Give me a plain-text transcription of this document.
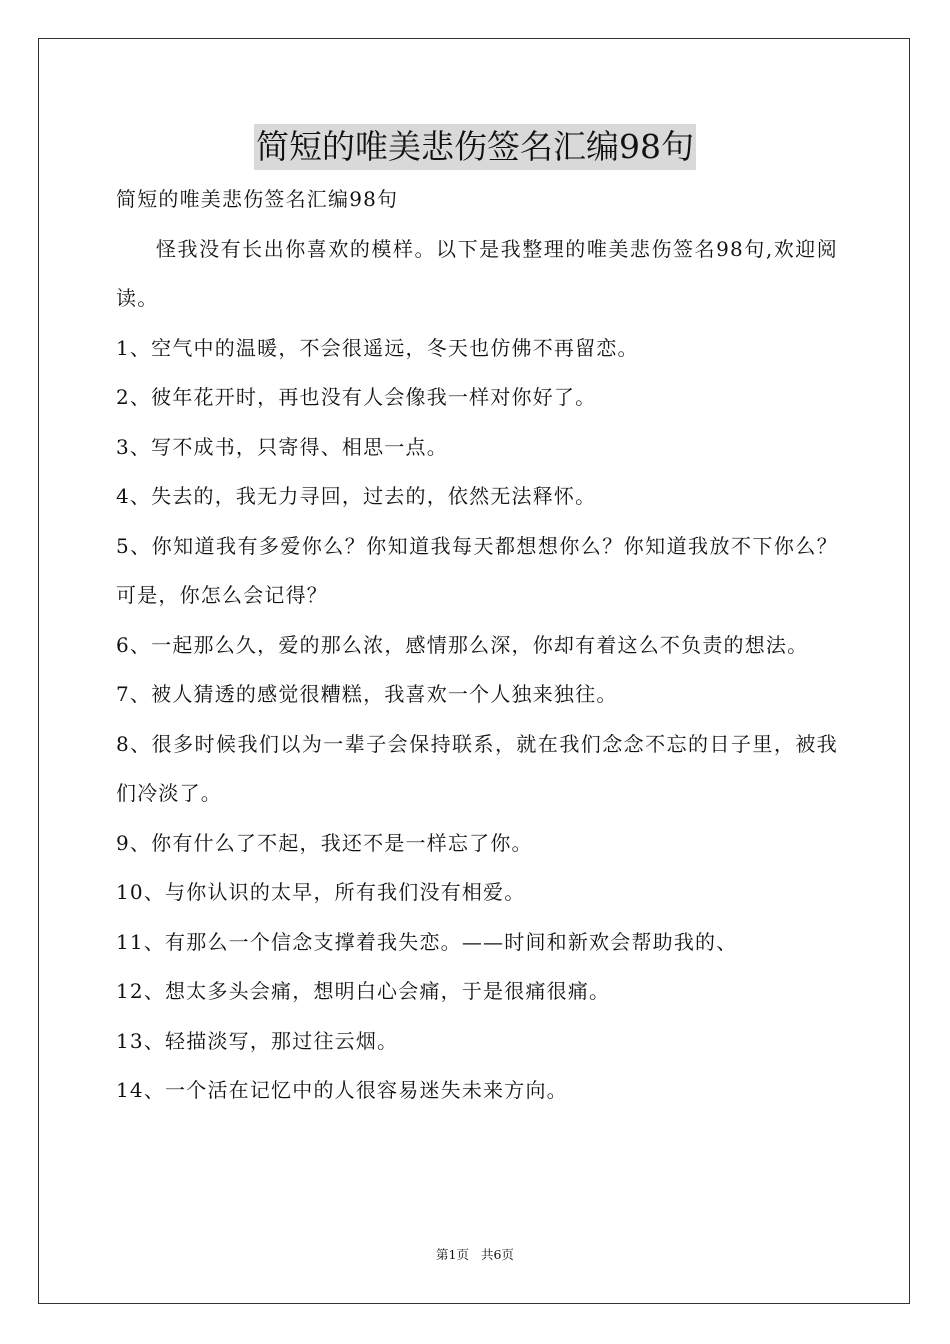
简短的唯美悲伤签名汇编98句

简短的唯美悲伤签名汇编98句

怪我没有长出你喜欢的模样。以下是我整理的唯美悲伤签名98句,欢迎阅读。

1、空气中的温暖，不会很遥远，冬天也仿佛不再留恋。

2、彼年花开时，再也没有人会像我一样对你好了。

3、写不成书，只寄得、相思一点。

4、失去的，我无力寻回，过去的，依然无法释怀。

5、你知道我有多爱你么？你知道我每天都想想你么？你知道我放不下你么？可是，你怎么会记得？

6、一起那么久，爱的那么浓，感情那么深，你却有着这么不负责的想法。

7、被人猜透的感觉很糟糕，我喜欢一个人独来独往。

8、很多时候我们以为一辈子会保持联系，就在我们念念不忘的日子里，被我们冷淡了。

9、你有什么了不起，我还不是一样忘了你。

10、与你认识的太早，所有我们没有相爱。

11、有那么一个信念支撑着我失恋。——时间和新欢会帮助我的、

12、想太多头会痛，想明白心会痛，于是很痛很痛。

13、轻描淡写，那过往云烟。

14、一个活在记忆中的人很容易迷失未来方向。

第1页 共6页
